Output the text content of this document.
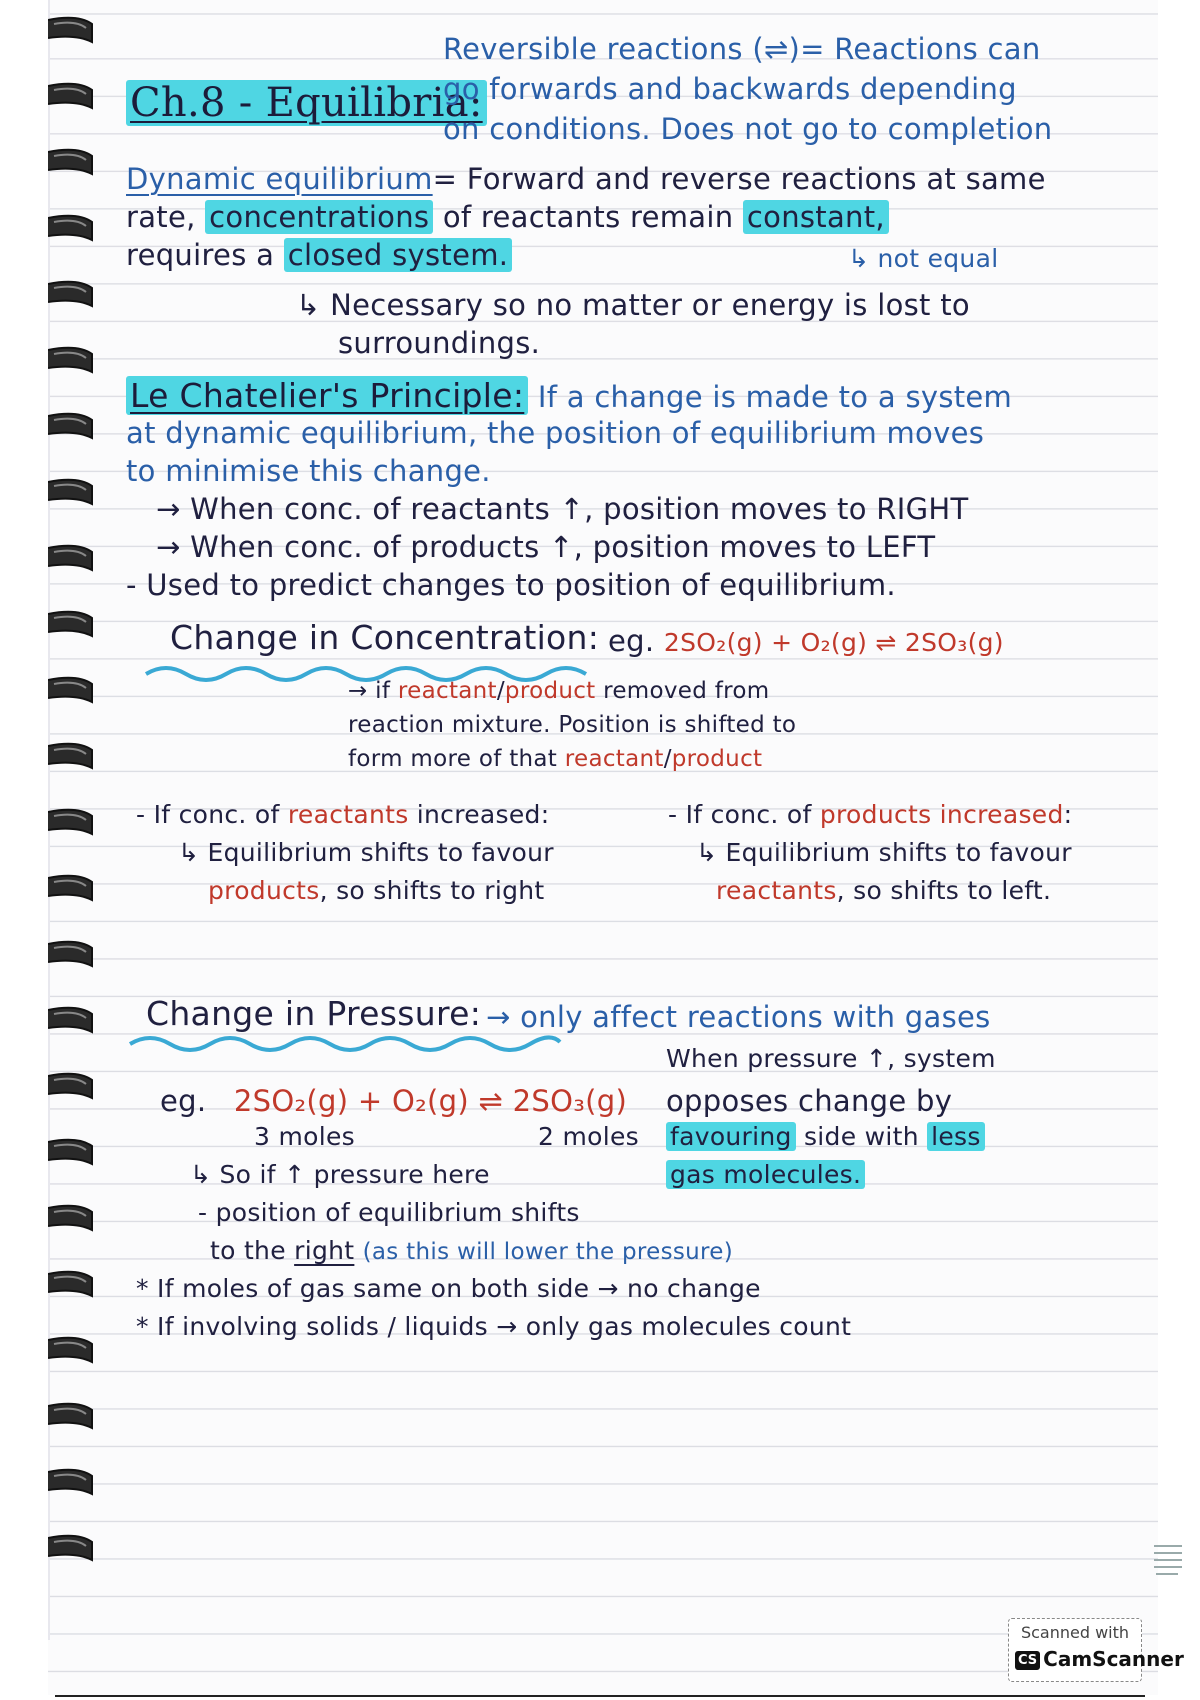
Ch.8 - Equilibria:
Reversible reactions (⇌)= Reactions can
go forwards and backwards depending
on conditions. Does not go to completion
Dynamic equilibrium= Forward and reverse reactions at same
rate, concentrations of reactants remain constant,
requires a closed system.	↳ not equal
↳ Necessary so no matter or energy is lost to
surroundings.
Le Chatelier's Principle: If a change is made to a system
at dynamic equilibrium, the position of equilibrium moves
to minimise this change.
→ When conc. of reactants ↑, position moves to RIGHT
→ When conc. of products ↑, position moves to LEFT
- Used to predict changes to position of equilibrium.
Change in Concentration: eg. 2SO₂(g) + O₂(g) ⇌ 2SO₃(g)
→ if reactant/product removed from
reaction mixture. Position is shifted to
form more of that reactant/product
- If conc. of reactants increased:
↳ Equilibrium shifts to favour
products, so shifts to right
- If conc. of products increased:
↳ Equilibrium shifts to favour
reactants, so shifts to left.
Change in Pressure: → only affect reactions with gases
When pressure ↑, system
eg. 2SO₂(g) + O₂(g) ⇌ 2SO₃(g) opposes change by
3 moles	2 moles favouring side with less
↳ So if ↑ pressure here	gas molecules.
- position of equilibrium shifts
to the right (as this will lower the pressure)
* If moles of gas same on both side → no change
* If involving solids / liquids → only gas molecules count
Scanned with
CS CamScanner
